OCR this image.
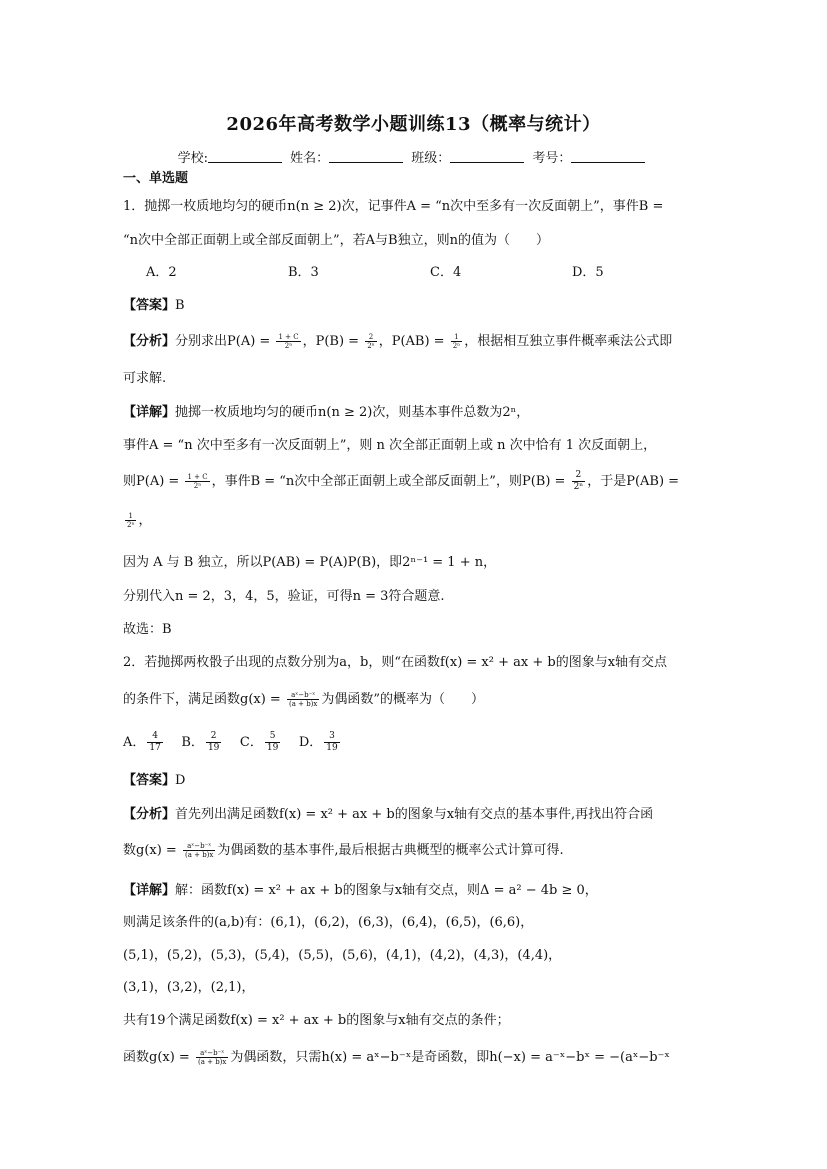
2026年高考数学小题训练13（概率与统计）
学校:	姓名：	班级：	考号：
一、单选题
1．抛掷一枚质地均匀的硬币n(n ≥ 2)次，记事件A = “n次中至多有一次反面朝上”，事件B =
“n次中全部正面朝上或全部反面朝上”，若A与B独立，则n的值为（　　）
A．2	B．3	C．4	D．5
【答案】B
【分析】分别求出$P(A) = \frac{1 + C}{\text{2ⁿ}}$ ，$P(B) = \frac{2}{\text{2ⁿ}}$ ，$P(AB) = \frac{1}{\text{2ⁿ}}$ ，根据相互独立事件概率乘法公式即
可求解.
【详解】抛掷一枚质地均匀的硬币n(n ≥ 2)次，则基本事件总数为2ⁿ，
事件A = “n 次中至多有一次反面朝上”，则 n 次全部正面朝上或 n 次中恰有 1 次反面朝上，
则$P(A) = \frac{1 + C}{\text{2ⁿ}}$ ，事件B = “n次中全部正面朝上或全部反面朝上”，则$P(B) = \frac{2}{\text{2ⁿ}}$ ，于是P(AB) =
$\frac{1}{\text{2ⁿ}}$ ，
因为 A 与 B 独立，所以P(AB) = P(A)P(B)，即2ⁿ⁻¹ = 1 + n，
分别代入n = 2，3，4，5，验证，可得n = 3符合题意.
故选：B
2．若抛掷两枚骰子出现的点数分别为a，b，则“在函数f(x) = x² + ax + b的图象与x轴有交点
的条件下，满足函数$g(x) = \frac{\text{aˣ−b⁻ˣ}}{(a + b)x}$ 为偶函数”的概率为（　　）
A． $\frac{4}{17}$ B． $\frac{2}{19}$ C． $\frac{5}{19}$ D． $\frac{3}{19}$
【答案】D
【分析】首先列出满足函数f(x) = x² + ax + b的图象与x轴有交点的基本事件,再找出符合函
数$g(x) = \frac{\text{aˣ−b⁻ˣ}}{(a + b)x}$ 为偶函数的基本事件,最后根据古典概型的概率公式计算可得.
【详解】解：函数f(x) = x² + ax + b的图象与x轴有交点，则Δ = a² − 4b ≥ 0，
则满足该条件的(a,b)有：(6,1)，(6,2)，(6,3)，(6,4)，(6,5)，(6,6)，
(5,1)，(5,2)，(5,3)，(5,4)，(5,5)，(5,6)，(4,1)，(4,2)，(4,3)，(4,4)，
(3,1)，(3,2)，(2,1)，
共有19个满足函数f(x) = x² + ax + b的图象与x轴有交点的条件；
函数$g(x) = \frac{\text{aˣ−b⁻ˣ}}{(a + b)x}$ 为偶函数，只需h(x) = aˣ−b⁻ˣ是奇函数，即h(−x) = a⁻ˣ−bˣ = −(aˣ−b⁻ˣ
